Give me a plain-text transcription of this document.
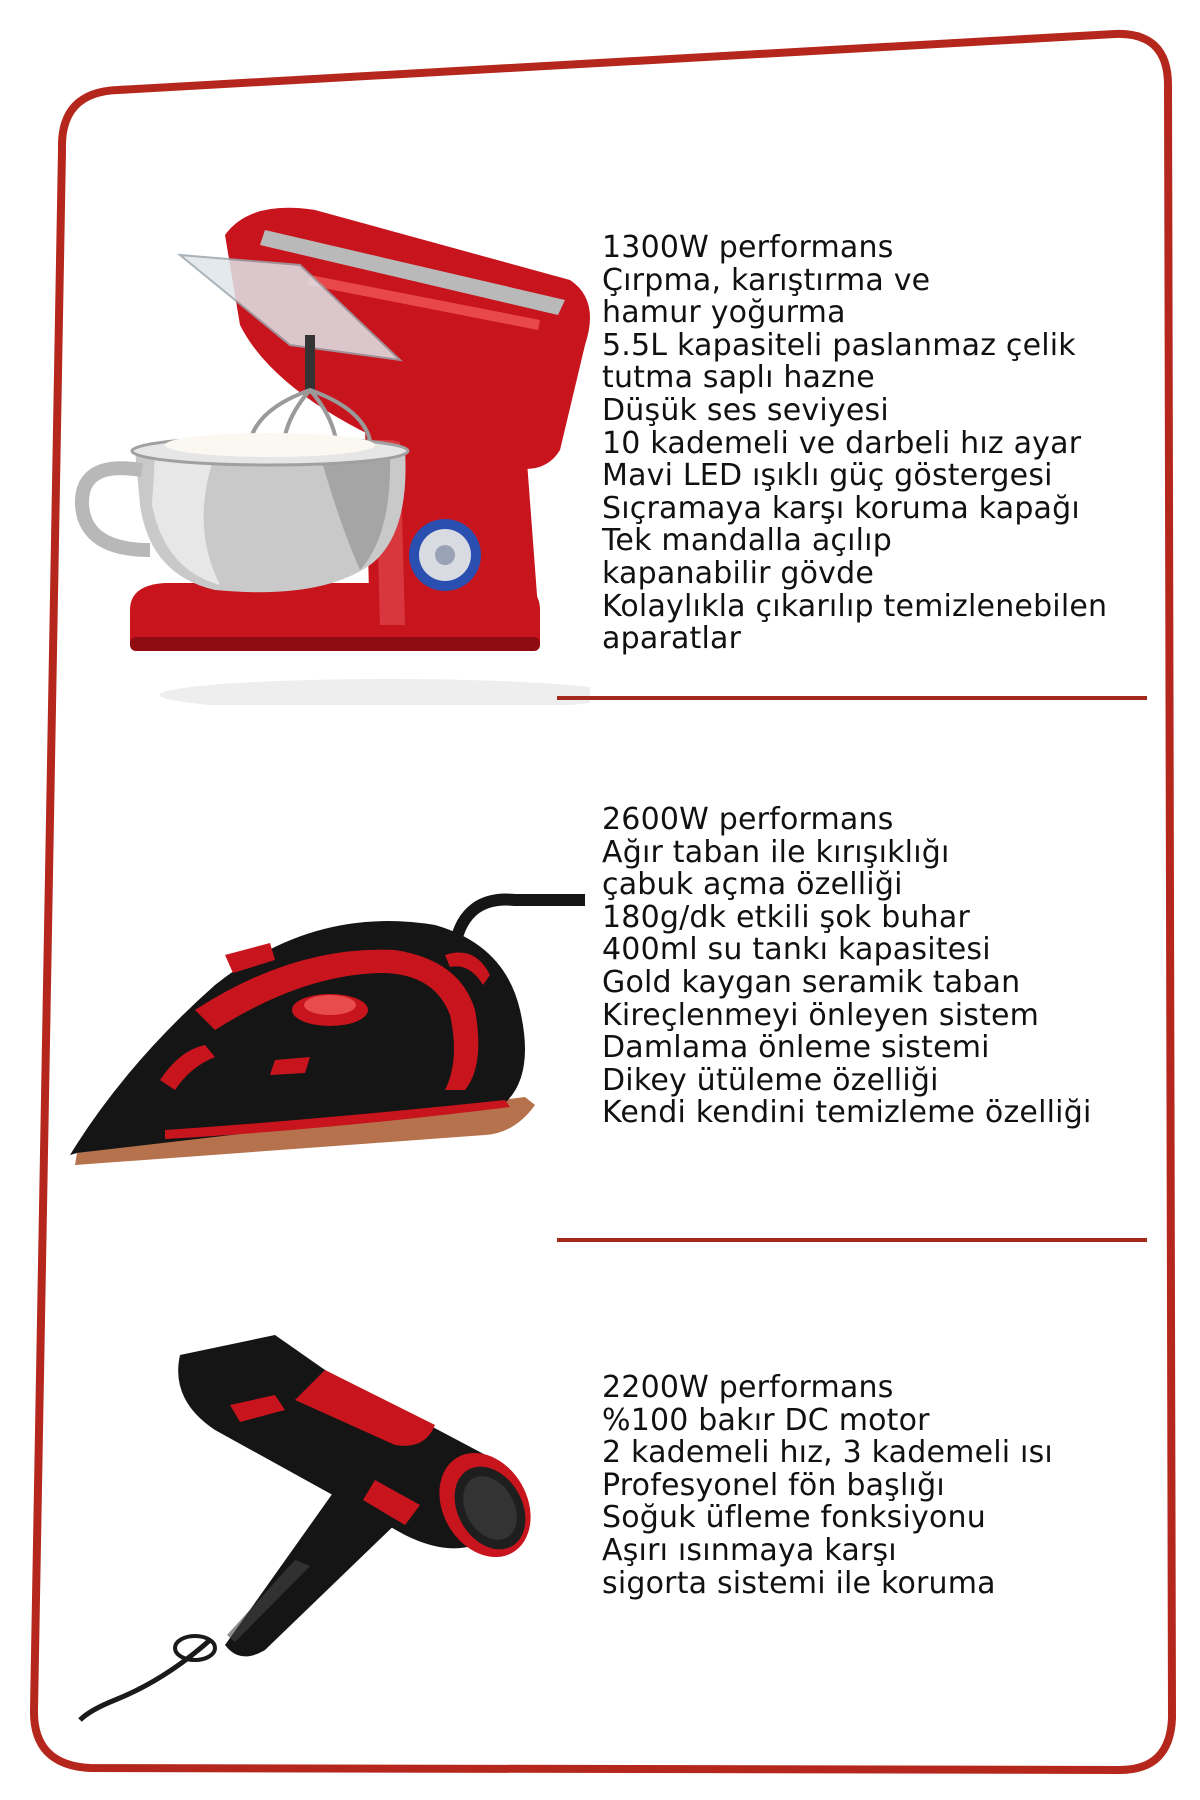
1300W performans
Çırpma, karıştırma ve
hamur yoğurma
5.5L kapasiteli paslanmaz çelik
tutma saplı hazne
Düşük ses seviyesi
10 kademeli ve darbeli hız ayar
Mavi LED ışıklı güç göstergesi
Sıçramaya karşı koruma kapağı
Tek mandalla açılıp
kapanabilir gövde
Kolaylıkla çıkarılıp temizlenebilen
aparatlar
2600W performans
Ağır taban ile kırışıklığı
çabuk açma özelliği
180g/dk etkili şok buhar
400ml su tankı kapasitesi
Gold kaygan seramik taban
Kireçlenmeyi önleyen sistem
Damlama önleme sistemi
Dikey ütüleme özelliği
Kendi kendini temizleme özelliği
2200W performans
%100 bakır DC motor
2 kademeli hız, 3 kademeli ısı
Profesyonel fön başlığı
Soğuk üfleme fonksiyonu
Aşırı ısınmaya karşı
sigorta sistemi ile koruma
